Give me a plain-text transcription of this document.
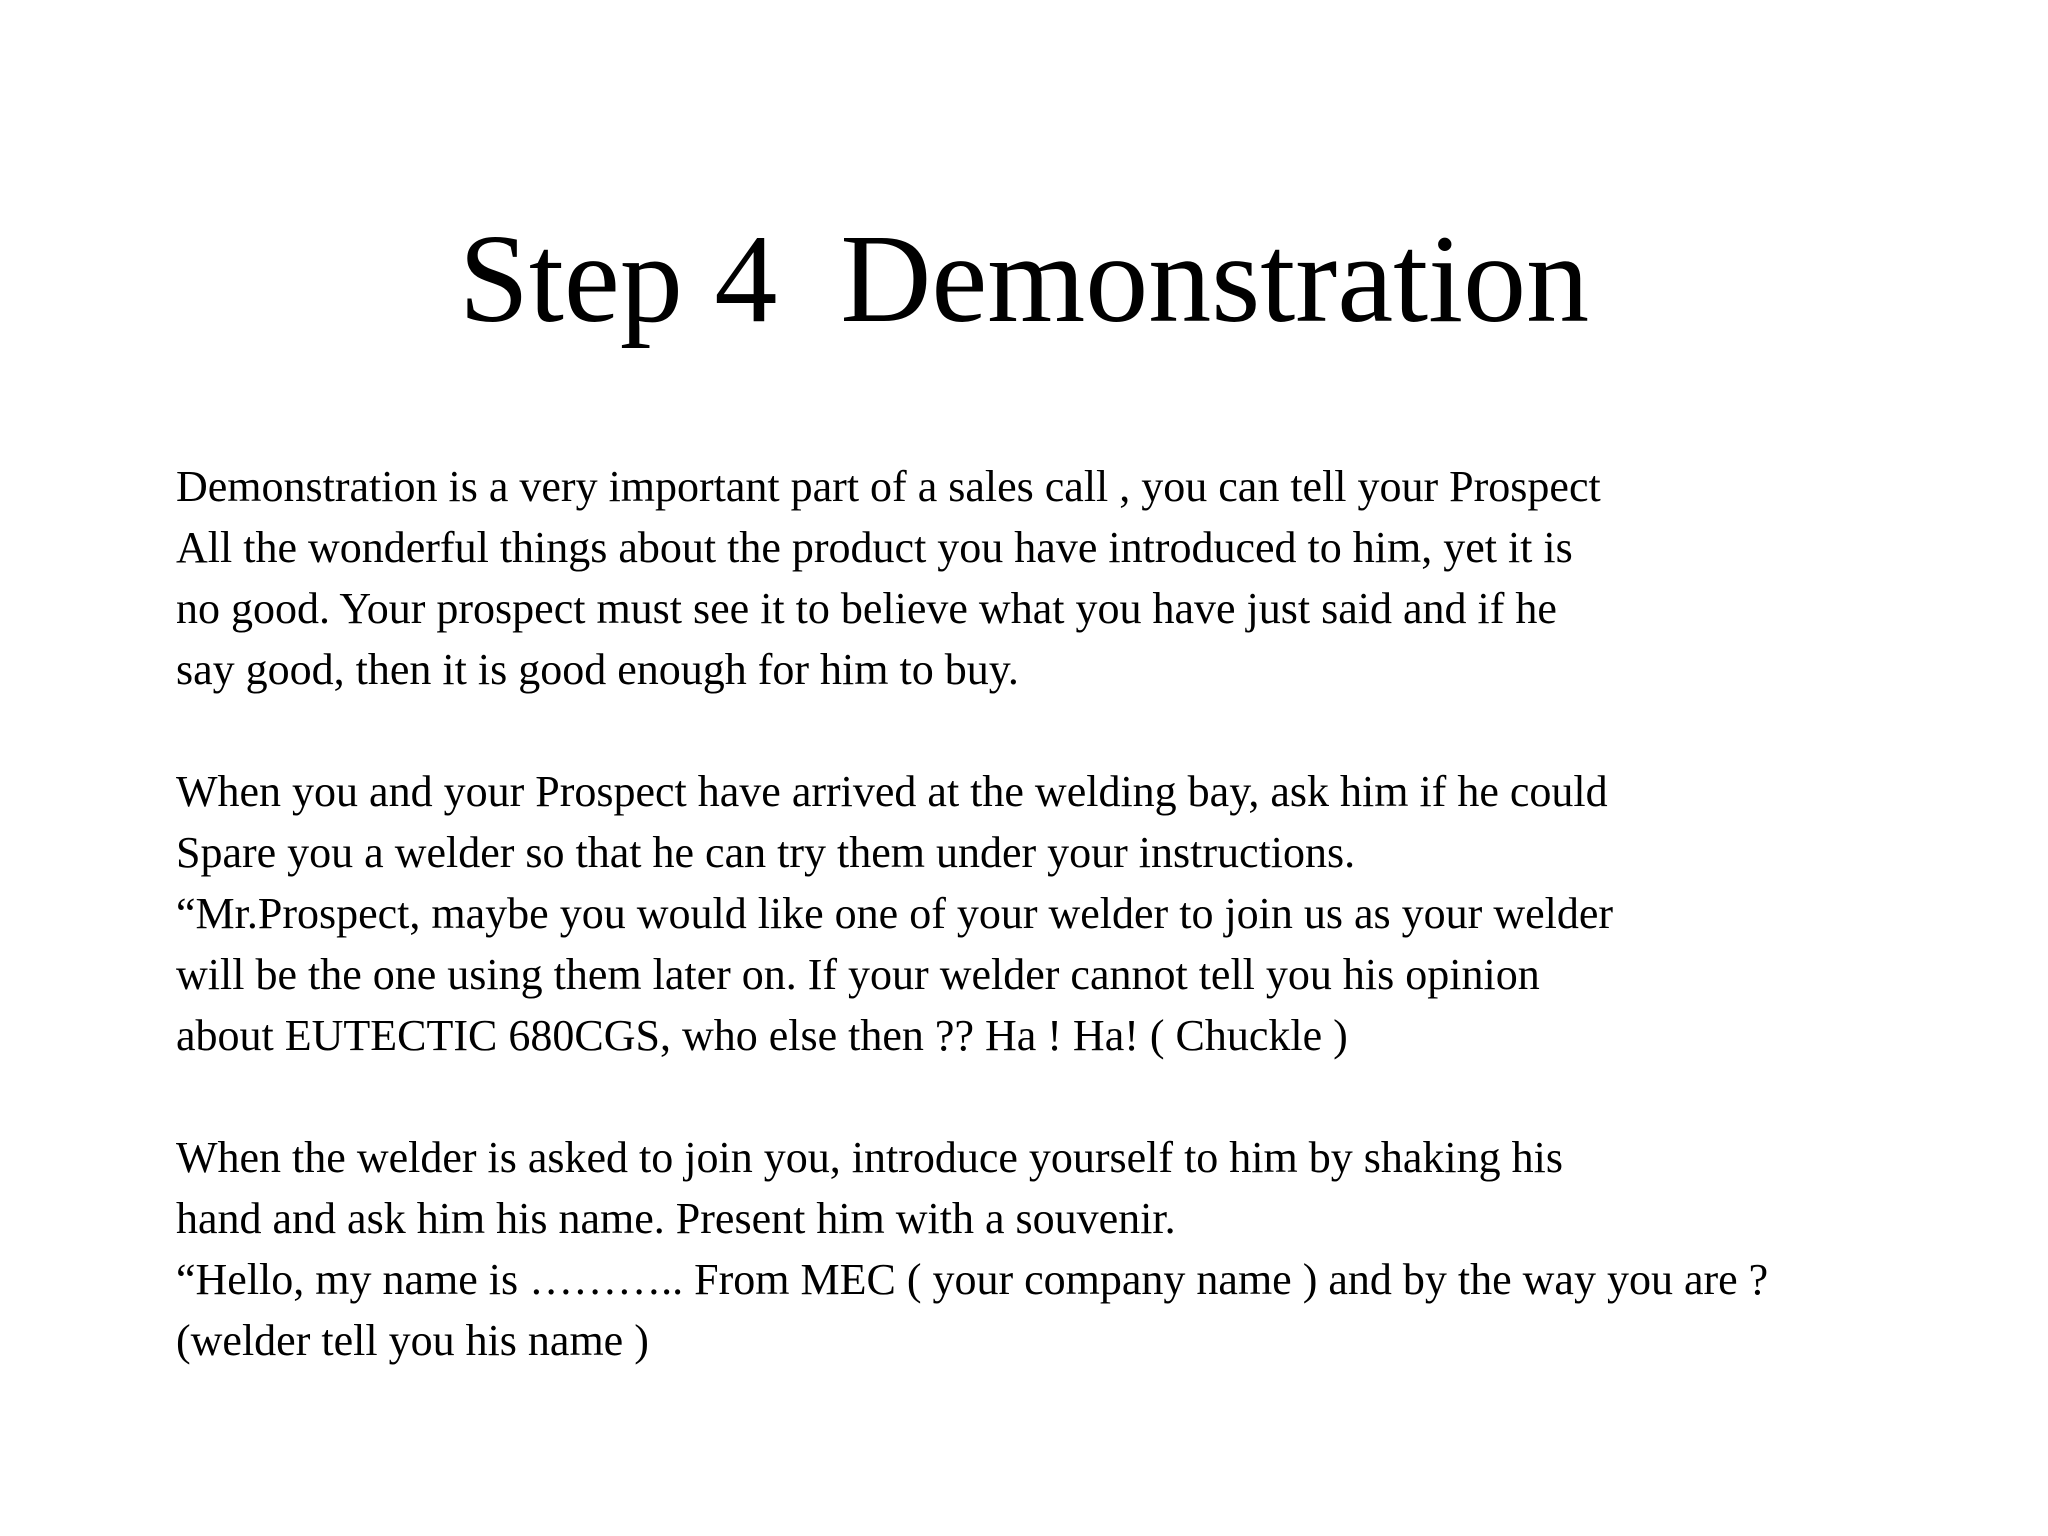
Step 4  Demonstration

Demonstration is a very important part of a sales call , you can tell your Prospect
All the wonderful things about the product you have introduced to him, yet it is
no good. Your prospect must see it to believe what you have just said and if he
say good, then it is good enough for him to buy.

When you and your Prospect have arrived at the welding bay, ask him if he could
Spare you a welder so that he can try them under your instructions.
“Mr.Prospect, maybe you would like one of your welder to join us as your welder
will be the one using them later on. If your welder cannot tell you his opinion
about EUTECTIC 680CGS, who else then ?? Ha ! Ha! ( Chuckle )

When the welder is asked to join you, introduce yourself to him by shaking his
hand and ask him his name. Present him with a souvenir.
“Hello, my name is ……….. From MEC ( your company name ) and by the way you are ?
(welder tell you his name )
